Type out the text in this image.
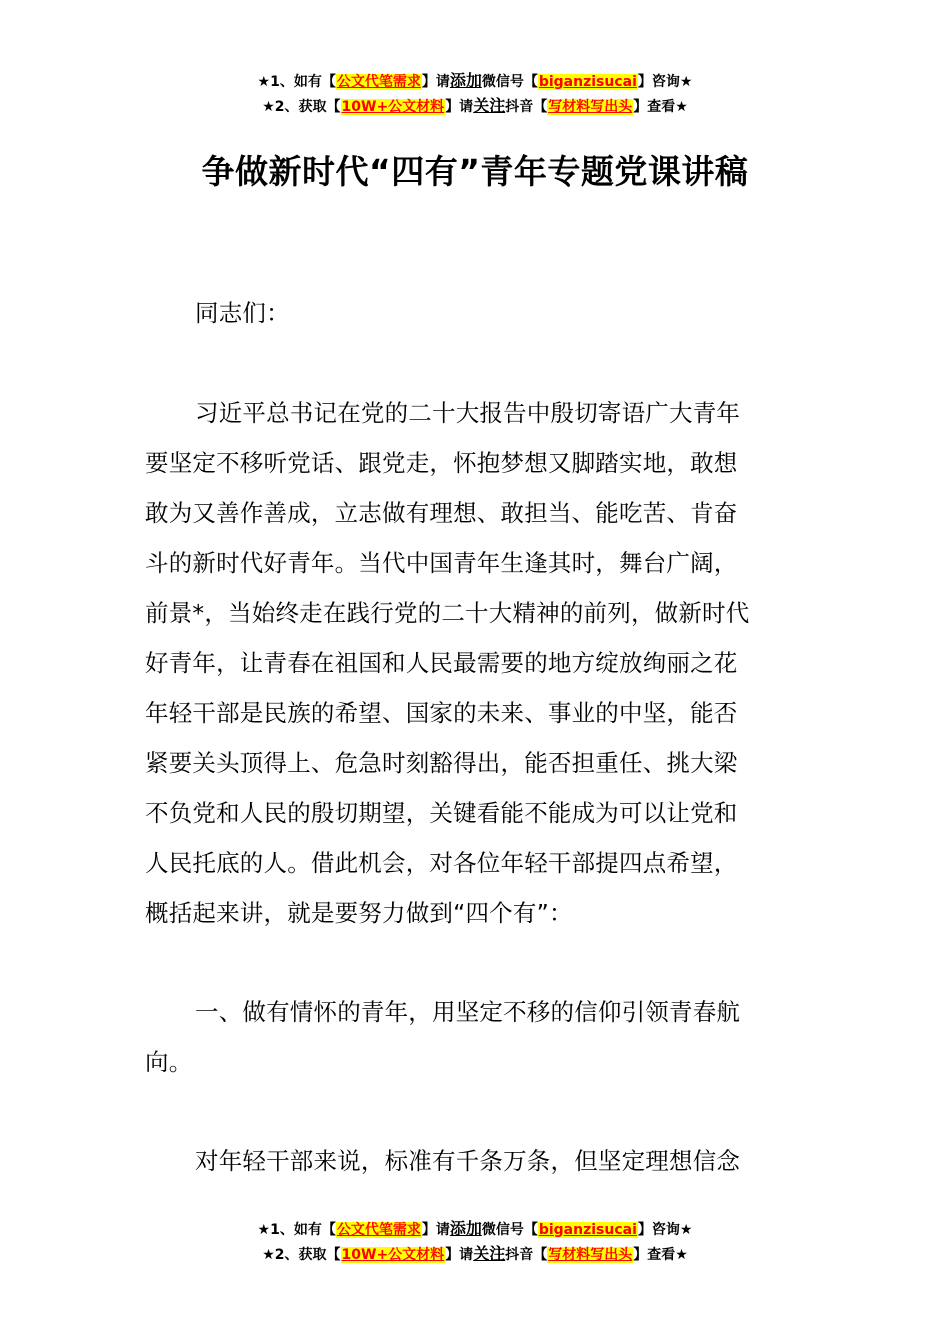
★1、如有【公文代笔需求】请添加微信号【biganzisucai】咨询★
★2、获取【10W+公文材料】请关注抖音【写材料写出头】查看★
争做新时代“四有”青年专题党课讲稿
同志们：
习近平总书记在党的二十大报告中殷切寄语广大青年
要坚定不移听党话、跟党走，怀抱梦想又脚踏实地，敢想
敢为又善作善成，立志做有理想、敢担当、能吃苦、肯奋
斗的新时代好青年。当代中国青年生逢其时，舞台广阔，
前景*，当始终走在践行党的二十大精神的前列，做新时代
好青年，让青春在祖国和人民最需要的地方绽放绚丽之花
年轻干部是民族的希望、国家的未来、事业的中坚，能否
紧要关头顶得上、危急时刻豁得出，能否担重任、挑大梁
不负党和人民的殷切期望，关键看能不能成为可以让党和
人民托底的人。借此机会，对各位年轻干部提四点希望，
概括起来讲，就是要努力做到“四个有”：
一、做有情怀的青年，用坚定不移的信仰引领青春航
向。
对年轻干部来说，标准有千条万条，但坚定理想信念
★1、如有【公文代笔需求】请添加微信号【biganzisucai】咨询★
★2、获取【10W+公文材料】请关注抖音【写材料写出头】查看★
